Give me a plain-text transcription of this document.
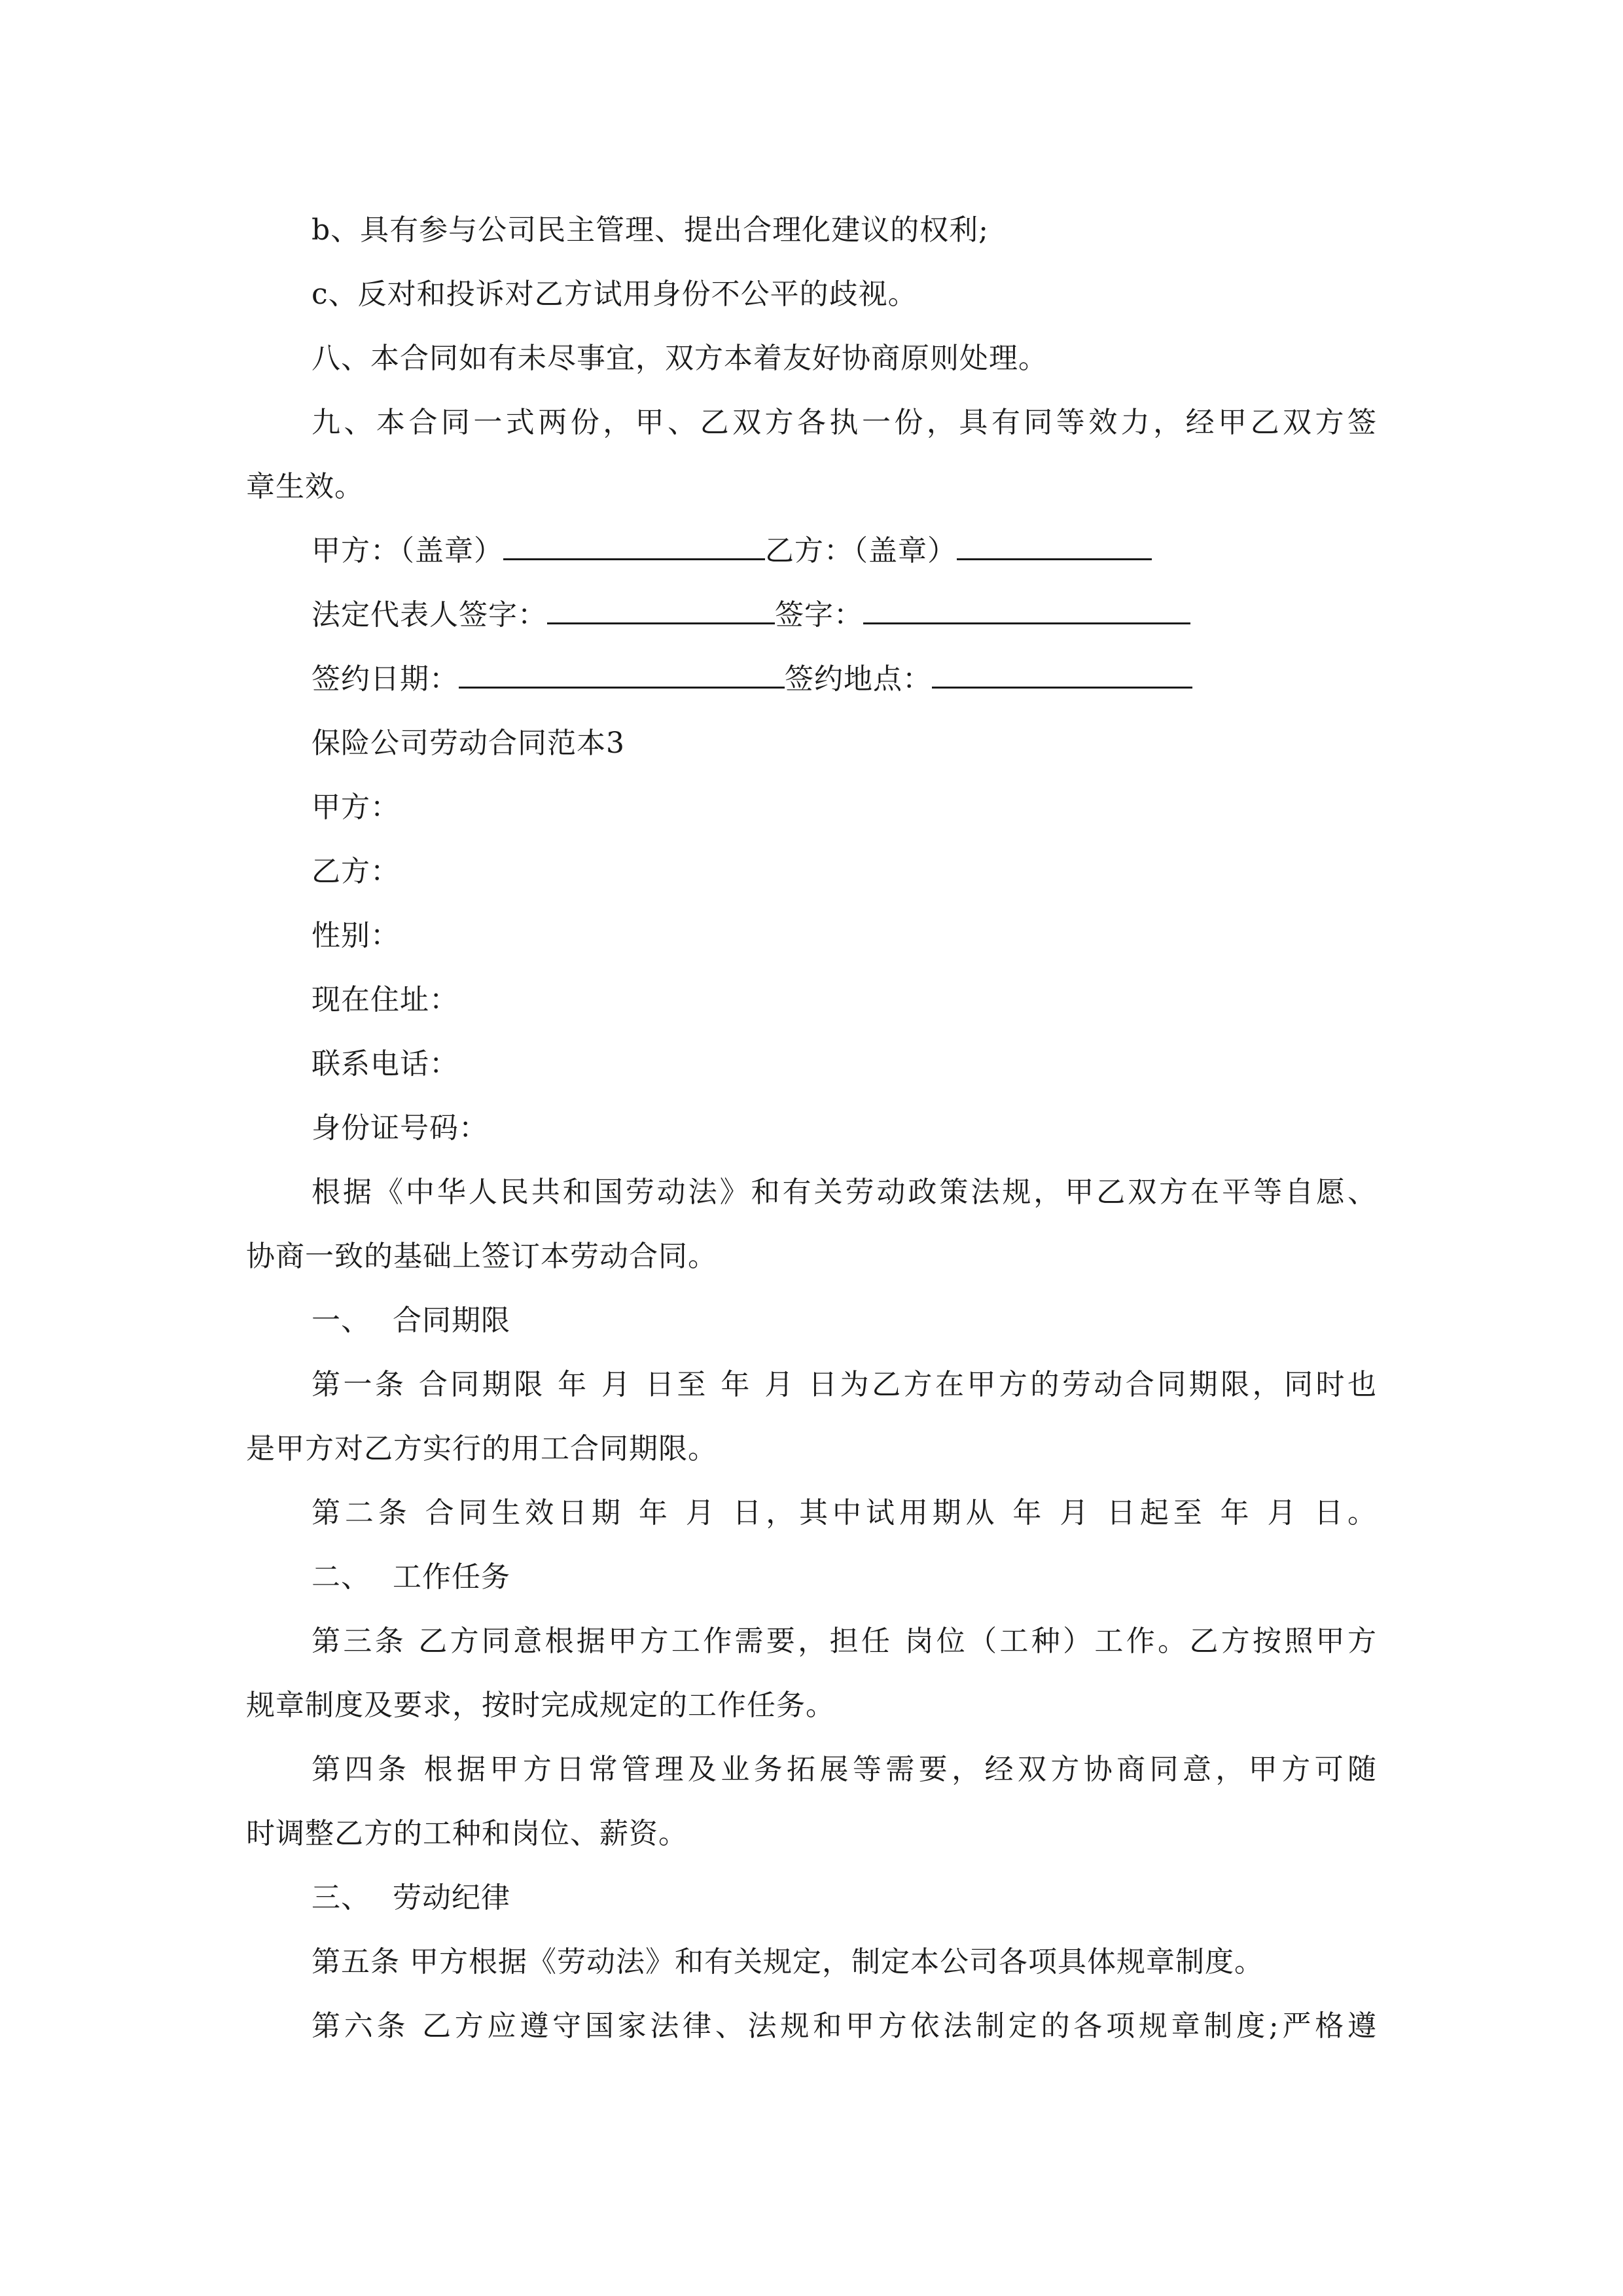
b、具有参与公司民主管理、提出合理化建议的权利;
c、反对和投诉对乙方试用身份不公平的歧视。
八、本合同如有未尽事宜，双方本着友好协商原则处理。
九、本合同一式两份，甲、乙双方各执一份，具有同等效力，经甲乙双方签
章生效。
甲方：（盖章）	乙方：（盖章）
法定代表人签字：	签字：
签约日期：	签约地点：
保险公司劳动合同范本3
甲方：
乙方：
性别：
现在住址：
联系电话：
身份证号码：
根据《中华人民共和国劳动法》和有关劳动政策法规，甲乙双方在平等自愿、
协商一致的基础上签订本劳动合同。
一、 合同期限
第一条 合同期限 年 月 日至 年 月 日为乙方在甲方的劳动合同期限，同时也
是甲方对乙方实行的用工合同期限。
第二条 合同生效日期 年 月 日，其中试用期从 年 月 日起至 年 月 日。
二、 工作任务
第三条 乙方同意根据甲方工作需要，担任 岗位（工种）工作。乙方按照甲方
规章制度及要求，按时完成规定的工作任务。
第四条 根据甲方日常管理及业务拓展等需要，经双方协商同意，甲方可随
时调整乙方的工种和岗位、薪资。
三、 劳动纪律
第五条 甲方根据《劳动法》和有关规定，制定本公司各项具体规章制度。
第六条 乙方应遵守国家法律、法规和甲方依法制定的各项规章制度;严格遵
